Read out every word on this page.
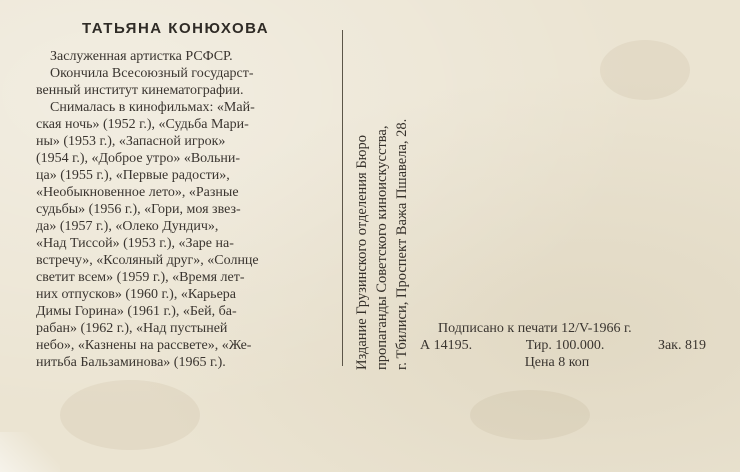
ТАТЬЯНА КОНЮХОВА
Заслуженная артистка РСФСР.
Окончила Всесоюзный государст-
венный институт кинематографии.
Снималась в кинофильмах: «Май-
ская ночь» (1952 г.), «Судьба Мари-
ны» (1953 г.), «Запасной игрок»
(1954 г.), «Доброе утро» «Вольни-
ца» (1955 г.), «Первые радости»,
«Необыкновенное лето», «Разные
судьбы» (1956 г.), «Гори, моя звез-
да» (1957 г.), «Олеко Дундич»,
«Над Тиссой» (1953 г.), «Заре на-
встречу», «Ксоляный друг», «Солнце
светит всем» (1959 г.), «Время лет-
них отпусков» (1960 г.), «Карьера
Димы Горина» (1961 г.), «Бей, ба-
рабан» (1962 г.), «Над пустыней
небо», «Казнены на рассвете», «Же-
нитьба Бальзаминова» (1965 г.).	Издание Грузинского отделения Бюро пропаганды Советского киноискусства, г. Тбилиси, Проспект Важа Пшавела, 28.	Подписано к печати 12/V-1966 г.
А 14195.	Тир. 100.000.	Зак. 819
Цена 8 коп
